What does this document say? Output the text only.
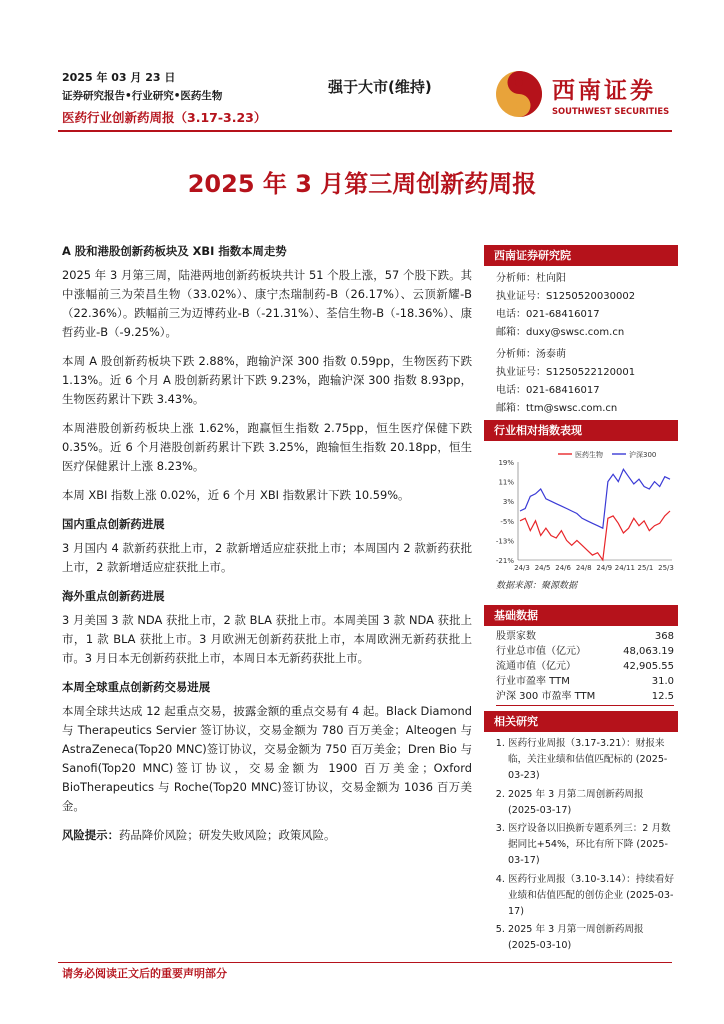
2025 年 03 月 23 日
证券研究报告•行业研究•医药生物
医药行业创新药周报（3.17-3.23）
强于大市(维持)	西南证券
SOUTHWEST SECURITIES
2025 年 3 月第三周创新药周报
A 股和港股创新药板块及 XBI 指数本周走势

2025 年 3 月第三周，陆港两地创新药板块共计 51 个股上涨，57 个股下跌。其中涨幅前三为荣昌生物（33.02%）、康宁杰瑞制药-B（26.17%）、云顶新耀-B（22.36%）。跌幅前三为迈博药业-B（-21.31%）、荃信生物-B（-18.36%）、康哲药业-B（-9.25%）。

本周 A 股创新药板块下跌 2.88%，跑输沪深 300 指数 0.59pp，生物医药下跌 1.13%。近 6 个月 A 股创新药累计下跌 9.23%，跑输沪深 300 指数 8.93pp，生物医药累计下跌 3.43%。

本周港股创新药板块上涨 1.62%，跑赢恒生指数 2.75pp，恒生医疗保健下跌 0.35%。近 6 个月港股创新药累计下跌 3.25%，跑输恒生指数 20.18pp，恒生医疗保健累计上涨 8.23%。

本周 XBI 指数上涨 0.02%，近 6 个月 XBI 指数累计下跌 10.59%。

国内重点创新药进展

3 月国内 4 款新药获批上市，2 款新增适应症获批上市；本周国内 2 款新药获批上市，2 款新增适应症获批上市。

海外重点创新药进展

3 月美国 3 款 NDA 获批上市，2 款 BLA 获批上市。本周美国 3 款 NDA 获批上市，1 款 BLA 获批上市。3 月欧洲无创新药获批上市，本周欧洲无新药获批上市。3 月日本无创新药获批上市，本周日本无新药获批上市。

本周全球重点创新药交易进展

本周全球共达成 12 起重点交易，披露金额的重点交易有 4 起。Black Diamond 与 Therapeutics Servier 签订协议，交易金额为 780 百万美金；Alteogen 与 AstraZeneca(Top20 MNC)签订协议，交易金额为 750 百万美金；Dren Bio 与 Sanofi(Top20 MNC)签订协议，交易金额为 1900 百万美金；Oxford BioTherapeutics 与 Roche(Top20 MNC)签订协议，交易金额为 1036 百万美金。

风险提示：药品降价风险；研发失败风险；政策风险。

西南证券研究院
分析师：杜向阳
执业证号：S1250520030002
电话：021-68416017
邮箱：duxy@swsc.com.cn
分析师：汤泰萌
执业证号：S1250522120001
电话：021-68416017
邮箱：ttm@swsc.com.cn
行业相对指数表现
19%
11%
3%
-5%
-13%
-21%
24/3 24/5 24/6 24/8 24/9 24/11 25/1 25/3
医药生物	沪深300
数据来源：聚源数据
基础数据
股票家数	368
行业总市值（亿元）	48,063.19
流通市值（亿元）	42,905.55
行业市盈率 TTM	31.0
沪深 300 市盈率 TTM	12.5
相关研究
1. 医药行业周报（3.17-3.21）：财报来临，关注业绩和估值匹配标的 (2025-03-23)
2. 2025 年 3 月第二周创新药周报 (2025-03-17)
3. 医疗设备以旧换新专题系列三：2 月数据同比+54%，环比有所下降 (2025-03-17)
4. 医药行业周报（3.10-3.14）：持续看好业绩和估值匹配的创仿企业 (2025-03-17)
5. 2025 年 3 月第一周创新药周报 (2025-03-10)
请务必阅读正文后的重要声明部分
